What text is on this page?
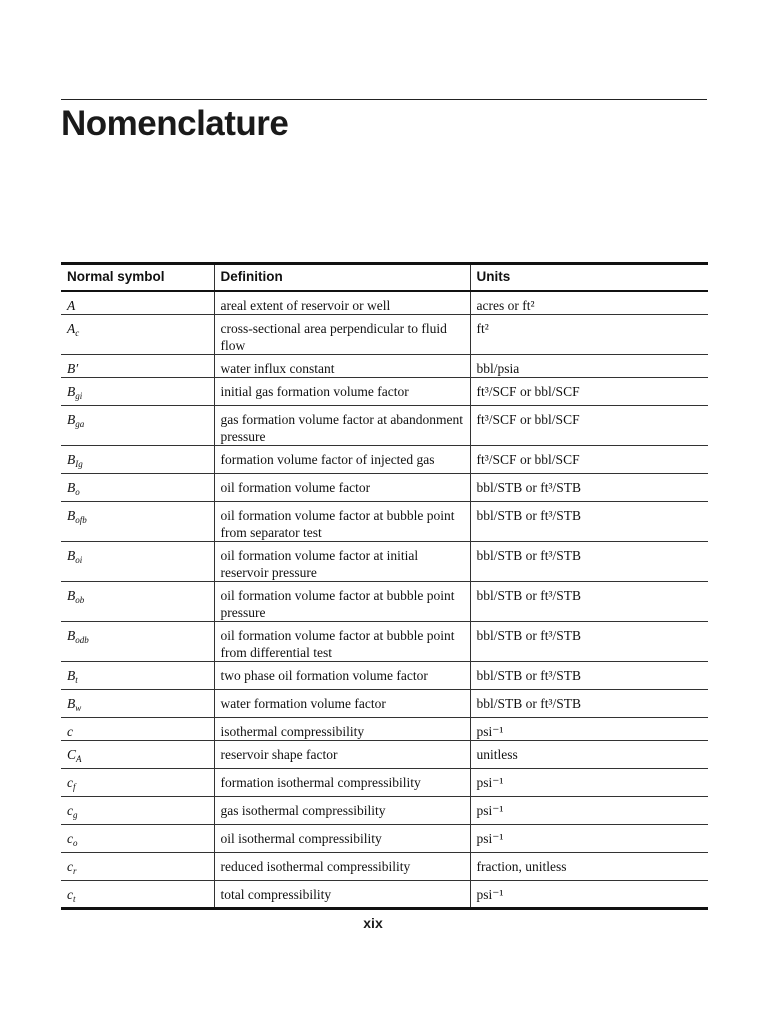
Nomenclature
Normal symbol	Definition	Units
A	areal extent of reservoir or well	acres or ft²
$A_c$	cross-sectional area perpendicular to fluid flow	ft²
B′	water influx constant	bbl/psia
$B_{gi}$	initial gas formation volume factor	ft³/SCF or bbl/SCF
$B_{ga}$	gas formation volume factor at abandonment pressure	ft³/SCF or bbl/SCF
$B_{Ig}$	formation volume factor of injected gas	ft³/SCF or bbl/SCF
$B_o$	oil formation volume factor	bbl/STB or ft³/STB
$B_{ofb}$	oil formation volume factor at bubble point from separator test	bbl/STB or ft³/STB
$B_{oi}$	oil formation volume factor at initial reservoir pressure	bbl/STB or ft³/STB
$B_{ob}$	oil formation volume factor at bubble point pressure	bbl/STB or ft³/STB
$B_{odb}$	oil formation volume factor at bubble point from differential test	bbl/STB or ft³/STB
$B_t$	two phase oil formation volume factor	bbl/STB or ft³/STB
$B_w$	water formation volume factor	bbl/STB or ft³/STB
c	isothermal compressibility	psi⁻¹
$C_A$	reservoir shape factor	unitless
$c_f$	formation isothermal compressibility	psi⁻¹
$c_g$	gas isothermal compressibility	psi⁻¹
$c_o$	oil isothermal compressibility	psi⁻¹
$c_r$	reduced isothermal compressibility	fraction, unitless
$c_t$	total compressibility	psi⁻¹
xix
